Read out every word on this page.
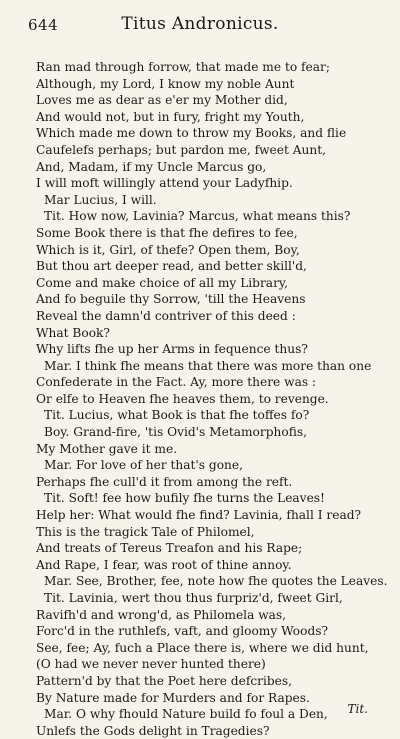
644	Titus Andronicus.
Ran mad through forrow, that made me to fear;
Although, my Lord, I know my noble Aunt
Loves me as dear as e'er my Mother did,
And would not, but in fury, fright my Youth,
Which made me down to throw my Books, and flie
Caufelefs perhaps; but pardon me, fweet Aunt,
And, Madam, if my Uncle Marcus go,
I will moft willingly attend your Ladyfhip.
Mar Lucius, I will.
Tit. How now, Lavinia? Marcus, what means this?
Some Book there is that fhe defires to fee,
Which is it, Girl, of thefe? Open them, Boy,
But thou art deeper read, and better skill'd,
Come and make choice of all my Library,
And fo beguile thy Sorrow, 'till the Heavens
Reveal the damn'd contriver of this deed :
What Book?
Why lifts fhe up her Arms in fequence thus?
Mar. I think fhe means that there was more than one
Confederate in the Fact. Ay, more there was :
Or elfe to Heaven fhe heaves them, to revenge.
Tit. Lucius, what Book is that fhe toffes fo?
Boy. Grand-fire, 'tis Ovid's Metamorphofis,
My Mother gave it me.
Mar. For love of her that's gone,
Perhaps fhe cull'd it from among the reft.
Tit. Soft! fee how bufily fhe turns the Leaves!
Help her: What would fhe find? Lavinia, fhall I read?
This is the tragick Tale of Philomel,
And treats of Tereus Treafon and his Rape;
And Rape, I fear, was root of thine annoy.
Mar. See, Brother, fee, note how fhe quotes the Leaves.
Tit. Lavinia, wert thou thus furpriz'd, fweet Girl,
Ravifh'd and wrong'd, as Philomela was,
Forc'd in the ruthlefs, vaft, and gloomy Woods?
See, fee; Ay, fuch a Place there is, where we did hunt,
(O had we never never hunted there)
Pattern'd by that the Poet here defcribes,
By Nature made for Murders and for Rapes.
Mar. O why fhould Nature build fo foul a Den,
Unlefs the Gods delight in Tragedies?
Tit.
